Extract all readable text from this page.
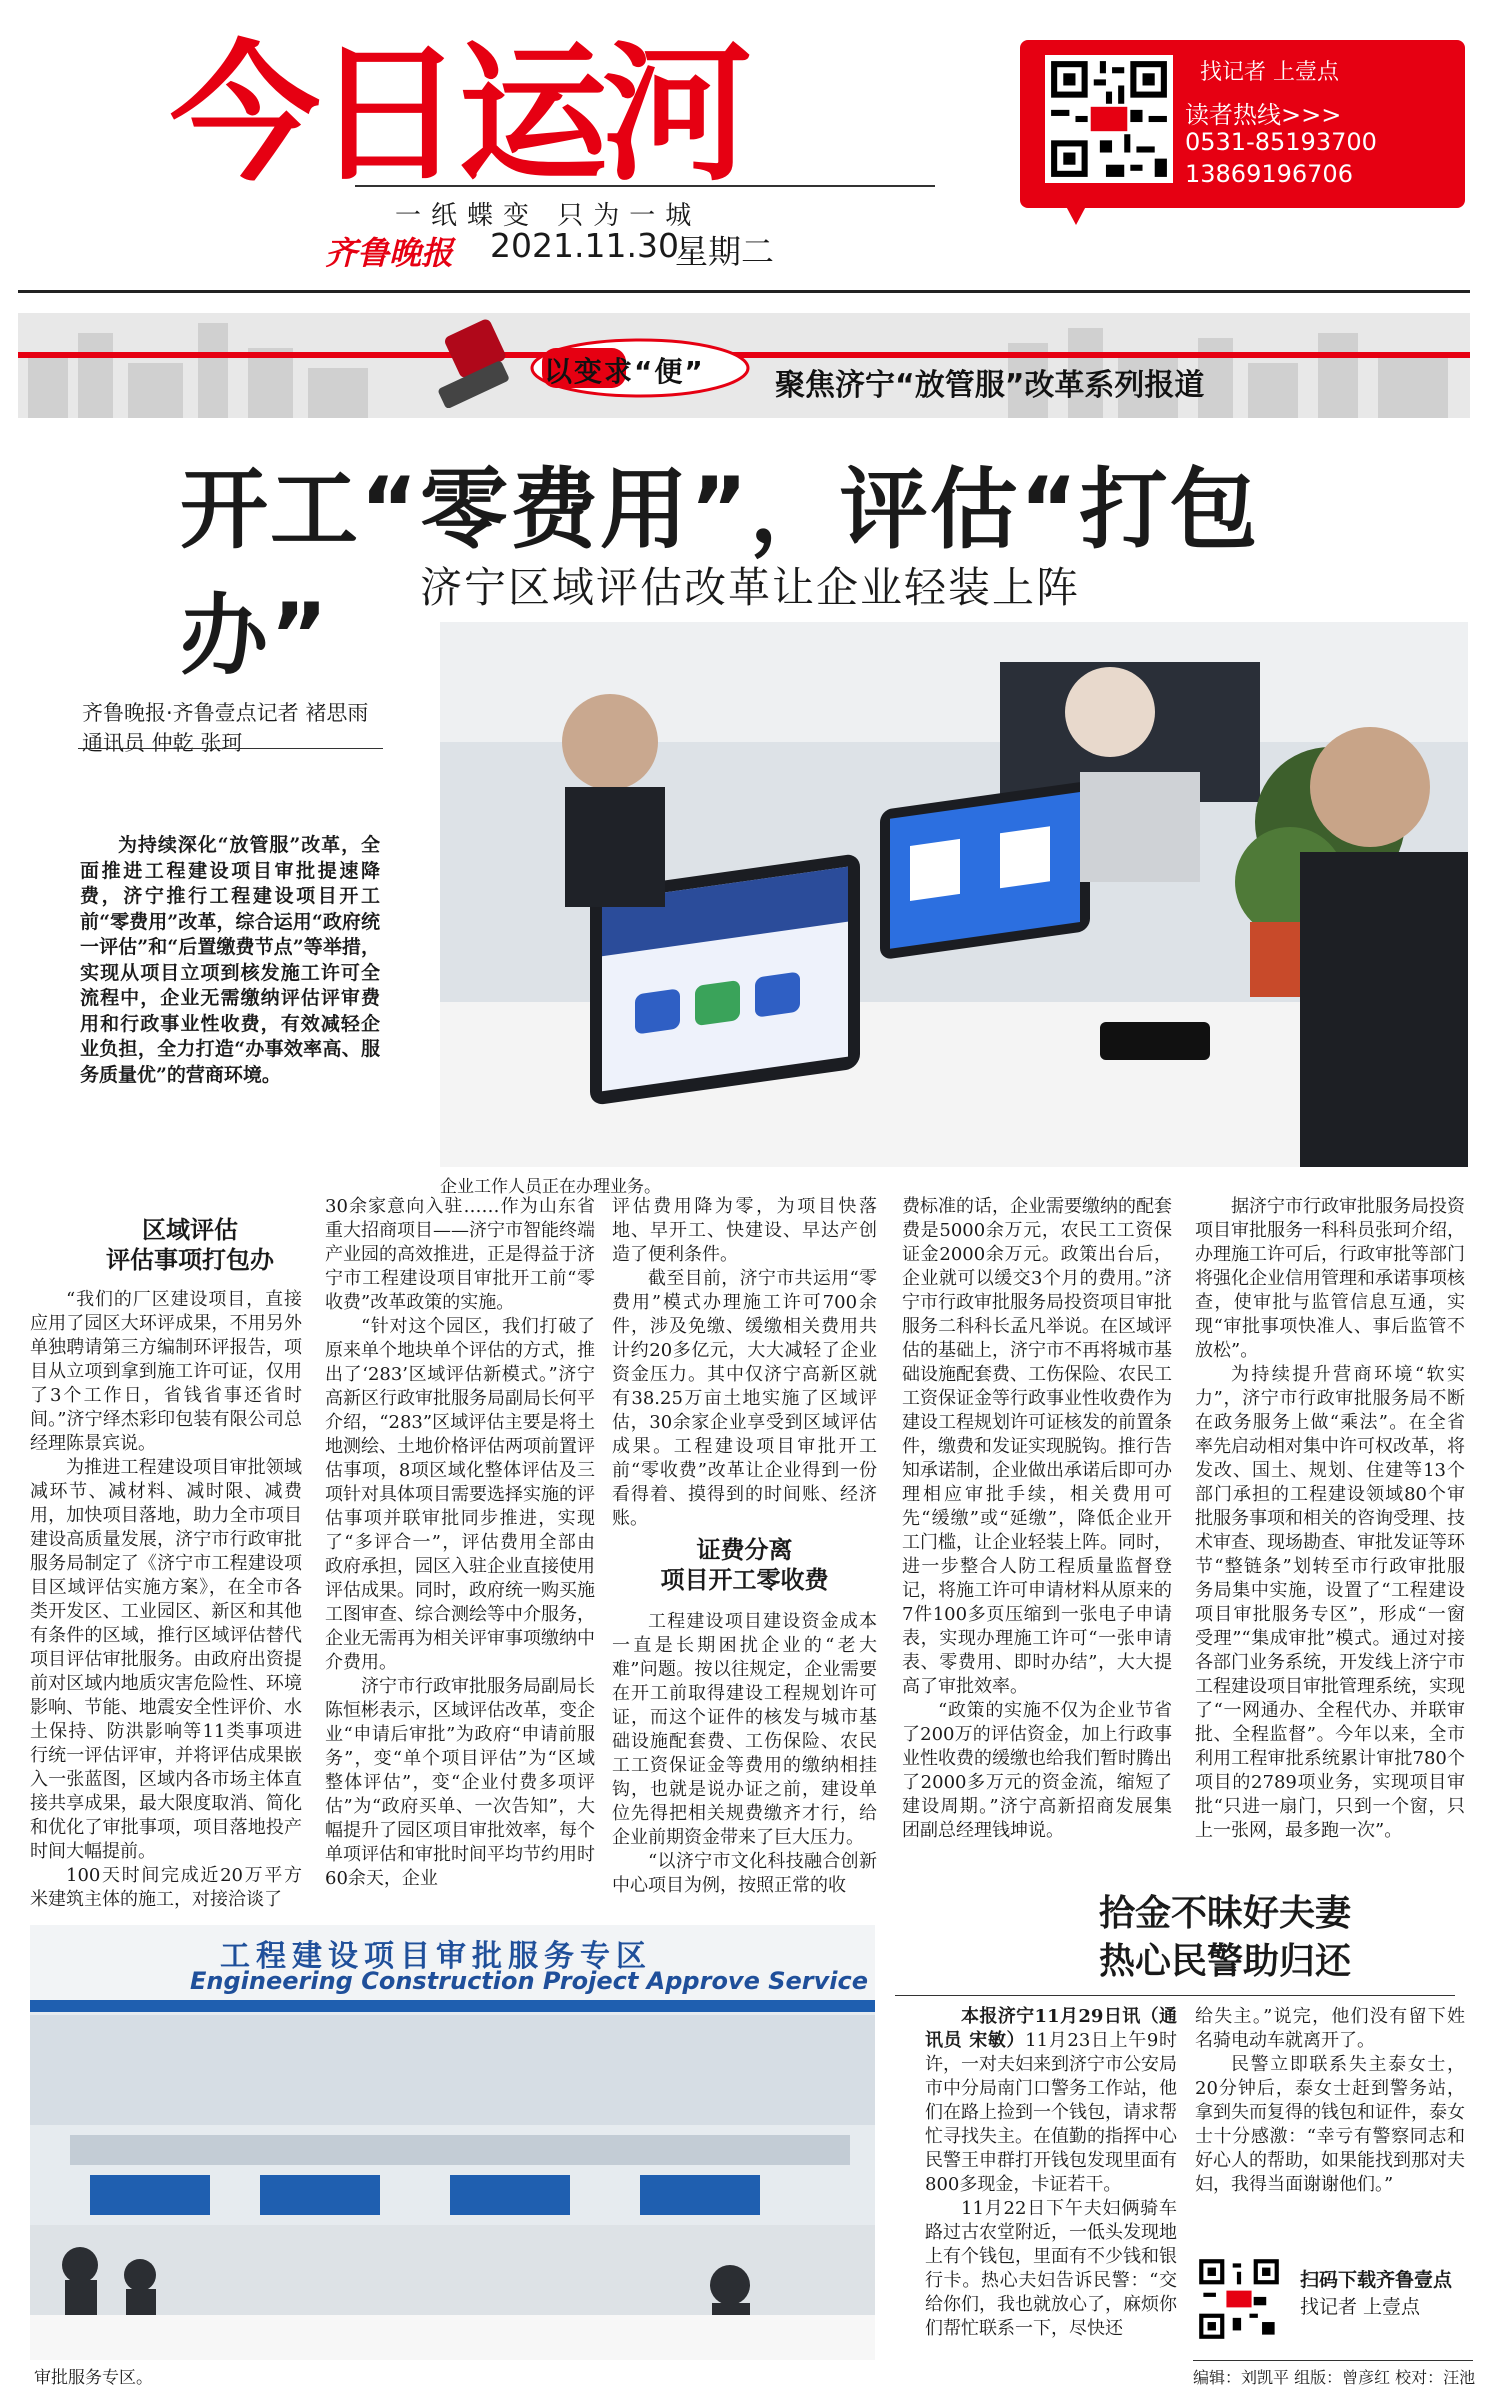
今日运河
一纸蝶变 只为一城
齐鲁晚报 2021.11.30
星期二
找记者 上壹点
读者热线>>>
0531-85193700
13869196706
以变求“便”	聚焦济宁“放管服”改革系列报道
开工“零费用”，评估“打包办”	济宁区域评估改革让企业轻装上阵
企业工作人员正在办理业务。
齐鲁晚报·齐鲁壹点记者 褚思雨
通讯员 仲乾 张珂
为持续深化“放管服”改革，全面推进工程建设项目审批提速降费，济宁推行工程建设项目开工前“零费用”改革，综合运用“政府统一评估”和“后置缴费节点”等举措，实现从项目立项到核发施工许可全流程中，企业无需缴纳评估评审费用和行政事业性收费，有效减轻企业负担，全力打造“办事效率高、服务质量优”的营商环境。
区域评估
评估事项打包办

“我们的厂区建设项目，直接应用了园区大环评成果，不用另外单独聘请第三方编制环评报告，项目从立项到拿到施工许可证，仅用了3个工作日，省钱省事还省时间。”济宁绎杰彩印包装有限公司总经理陈景宾说。

为推进工程建设项目审批领域减环节、减材料、减时限、减费用，加快项目落地，助力全市项目建设高质量发展，济宁市行政审批服务局制定了《济宁市工程建设项目区域评估实施方案》，在全市各类开发区、工业园区、新区和其他有条件的区域，推行区域评估替代项目评估审批服务。由政府出资提前对区域内地质灾害危险性、环境影响、节能、地震安全性评价、水土保持、防洪影响等11类事项进行统一评估评审，并将评估成果嵌入一张蓝图，区域内各市场主体直接共享成果，最大限度取消、简化和优化了审批事项，项目落地投产时间大幅提前。

100天时间完成近20万平方米建筑主体的施工，对接洽谈了

30余家意向入驻……作为山东省重大招商项目——济宁市智能终端产业园的高效推进，正是得益于济宁市工程建设项目审批开工前“零收费”改革政策的实施。

“针对这个园区，我们打破了原来单个地块单个评估的方式，推出了‘283’区域评估新模式。”济宁高新区行政审批服务局副局长何平介绍，“283”区域评估主要是将土地测绘、土地价格评估两项前置评估事项，8项区域化整体评估及三项针对具体项目需要选择实施的评估事项并联审批同步推进，实现了“多评合一”，评估费用全部由政府承担，园区入驻企业直接使用评估成果。同时，政府统一购买施工图审查、综合测绘等中介服务，企业无需再为相关评审事项缴纳中介费用。

济宁市行政审批服务局副局长陈恒彬表示，区域评估改革，变企业“申请后审批”为政府“申请前服务”，变“单个项目评估”为“区域整体评估”，变“企业付费多项评估”为“政府买单、一次告知”，大幅提升了园区项目审批效率，每个单项评估和审批时间平均节约用时60余天，企业

评估费用降为零，为项目快落地、早开工、快建设、早达产创造了便利条件。

截至目前，济宁市共运用“零费用”模式办理施工许可700余件，涉及免缴、缓缴相关费用共计约20多亿元，大大减轻了企业资金压力。其中仅济宁高新区就有38.25万亩土地实施了区域评估，30余家企业享受到区域评估成果。工程建设项目审批开工前“零收费”改革让企业得到一份看得着、摸得到的时间账、经济账。

证费分离
项目开工零收费

工程建设项目建设资金成本一直是长期困扰企业的“老大难”问题。按以往规定，企业需要在开工前取得建设工程规划许可证，而这个证件的核发与城市基础设施配套费、工伤保险、农民工工资保证金等费用的缴纳相挂钩，也就是说办证之前，建设单位先得把相关规费缴齐才行，给企业前期资金带来了巨大压力。

“以济宁市文化科技融合创新中心项目为例，按照正常的收

费标准的话，企业需要缴纳的配套费是5000余万元，农民工工资保证金2000余万元。政策出台后，企业就可以缓交3个月的费用。”济宁市行政审批服务局投资项目审批服务二科科长孟凡举说。在区域评估的基础上，济宁市不再将城市基础设施配套费、工伤保险、农民工工资保证金等行政事业性收费作为建设工程规划许可证核发的前置条件，缴费和发证实现脱钩。推行告知承诺制，企业做出承诺后即可办理相应审批手续，相关费用可先“缓缴”或“延缴”，降低企业开工门槛，让企业轻装上阵。同时，进一步整合人防工程质量监督登记，将施工许可申请材料从原来的7件100多页压缩到一张电子申请表，实现办理施工许可“一张申请表、零费用、即时办结”，大大提高了审批效率。

“政策的实施不仅为企业节省了200万的评估资金，加上行政事业性收费的缓缴也给我们暂时腾出了2000多万元的资金流，缩短了建设周期。”济宁高新招商发展集团副总经理钱坤说。

据济宁市行政审批服务局投资项目审批服务一科科员张珂介绍，办理施工许可后，行政审批等部门将强化企业信用管理和承诺事项核查，使审批与监管信息互通，实现“审批事项快准人、事后监管不放松”。

为持续提升营商环境“软实力”，济宁市行政审批服务局不断在政务服务上做“乘法”。在全省率先启动相对集中许可权改革，将发改、国土、规划、住建等13个部门承担的工程建设领域80个审批服务事项和相关的咨询受理、技术审查、现场勘查、审批发证等环节“整链条”划转至市行政审批服务局集中实施，设置了“工程建设项目审批服务专区”，形成“一窗受理”“集成审批”模式。通过对接各部门业务系统，开发线上济宁市工程建设项目审批管理系统，实现了“一网通办、全程代办、并联审批、全程监督”。今年以来，全市利用工程审批系统累计审批780个项目的2789项业务，实现项目审批“只进一扇门，只到一个窗，只上一张网，最多跑一次”。

工程建设项目审批服务专区
Engineering Construction Project Approve Service
审批服务专区。
拾金不昧好夫妻
热心民警助归还

本报济宁11月29日讯（通讯员 宋敏）11月23日上午9时许，一对夫妇来到济宁市公安局市中分局南门口警务工作站，他们在路上捡到一个钱包，请求帮忙寻找失主。在值勤的指挥中心民警王申群打开钱包发现里面有800多现金，卡证若干。

11月22日下午夫妇俩骑车路过古农堂附近，一低头发现地上有个钱包，里面有不少钱和银行卡。热心夫妇告诉民警：“交给你们，我也就放心了，麻烦你们帮忙联系一下，尽快还

给失主。”说完，他们没有留下姓名骑电动车就离开了。

民警立即联系失主泰女士，20分钟后，泰女士赶到警务站，拿到失而复得的钱包和证件，泰女士十分感激：“幸亏有警察同志和好心人的帮助，如果能找到那对夫妇，我得当面谢谢他们。”

扫码下载齐鲁壹点
找记者 上壹点
编辑：刘凯平 组版：曾彦红 校对：汪池
